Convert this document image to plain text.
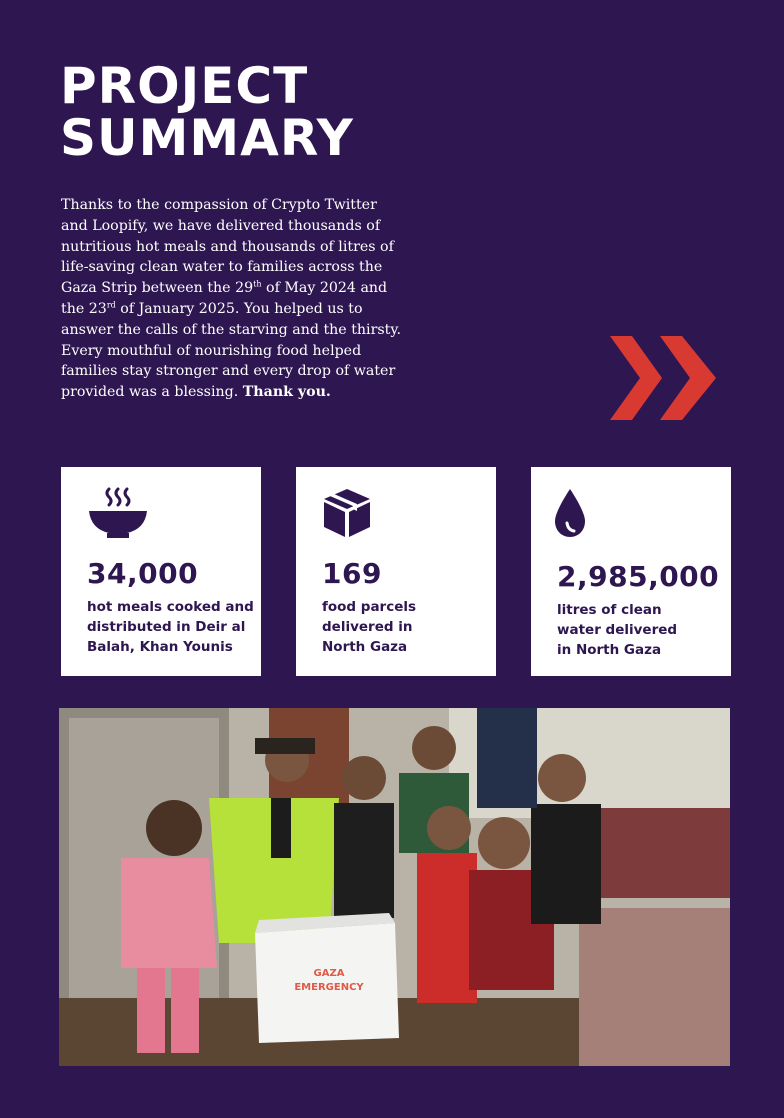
PROJECT
SUMMARY

Thanks to the compassion of Crypto Twitter and Loopify, we have delivered thousands of nutritious hot meals and thousands of litres of life-saving clean water to families across the Gaza Strip between the 29th of May 2024 and the 23rd of January 2025. You helped us to answer the calls of the starving and the thirsty. Every mouthful of nourishing food helped families stay stronger and every drop of water provided was a blessing. Thank you.

34,000
hot meals cooked and
distributed in Deir al
Balah, Khan Younis
169
food parcels
delivered in
North Gaza
2,985,000
litres of clean
water delivered
in North Gaza
GAZA
EMERGENCY
